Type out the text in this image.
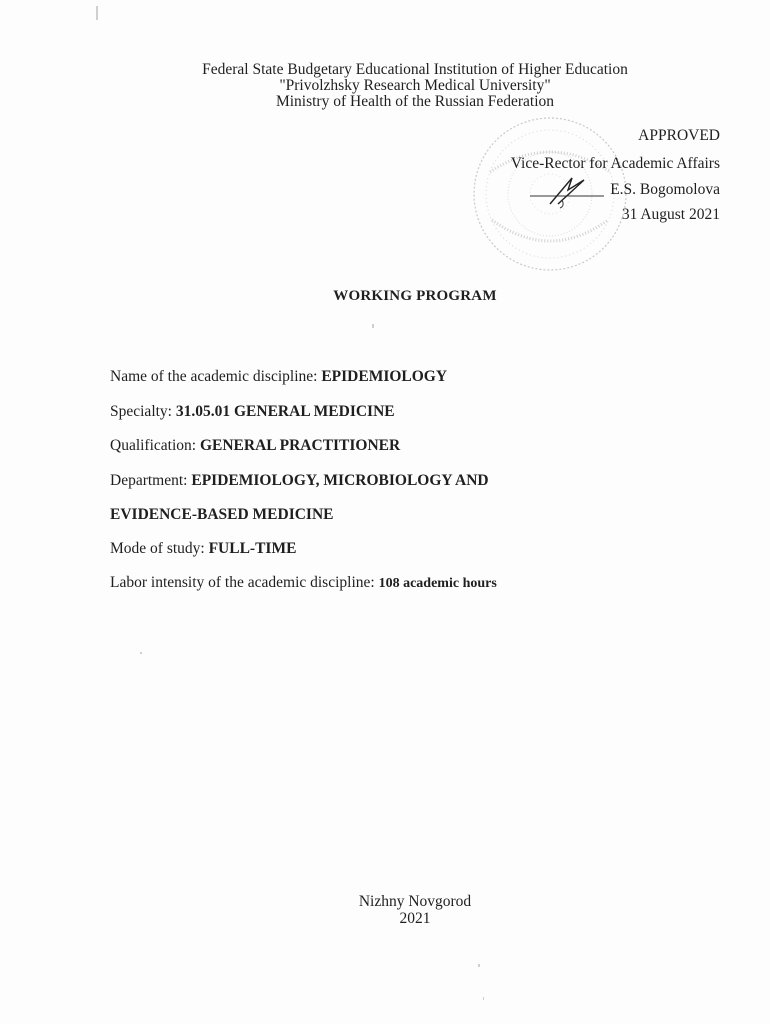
Federal State Budgetary Educational Institution of Higher Education
"Privolzhsky Research Medical University"
Ministry of Health of the Russian Federation
APPROVED
Vice-Rector for Academic Affairs
E.S. Bogomolova
31 August 2021
WORKING PROGRAM
Name of the academic discipline: EPIDEMIOLOGY
Specialty: 31.05.01 GENERAL MEDICINE
Qualification: GENERAL PRACTITIONER
Department: EPIDEMIOLOGY, MICROBIOLOGY AND
EVIDENCE-BASED MEDICINE
Mode of study: FULL-TIME
Labor intensity of the academic discipline: 108 academic hours
Nizhny Novgorod
2021
